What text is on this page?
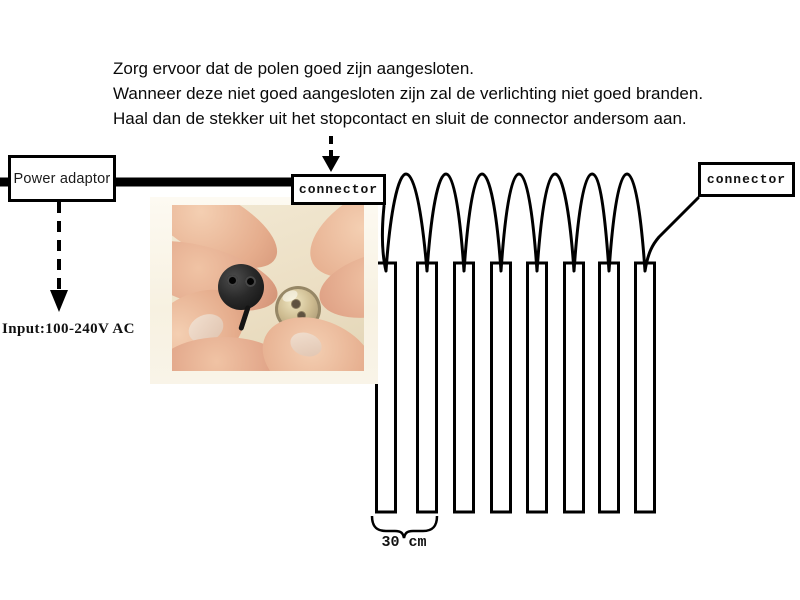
Zorg ervoor dat de polen goed zijn aangesloten.
Wanneer deze niet goed aangesloten zijn zal de verlichting niet goed branden.
Haal dan de stekker uit het stopcontact en sluit de connector andersom aan.
Power adaptor
connector
connector
Input:100-240V AC
30 cm
